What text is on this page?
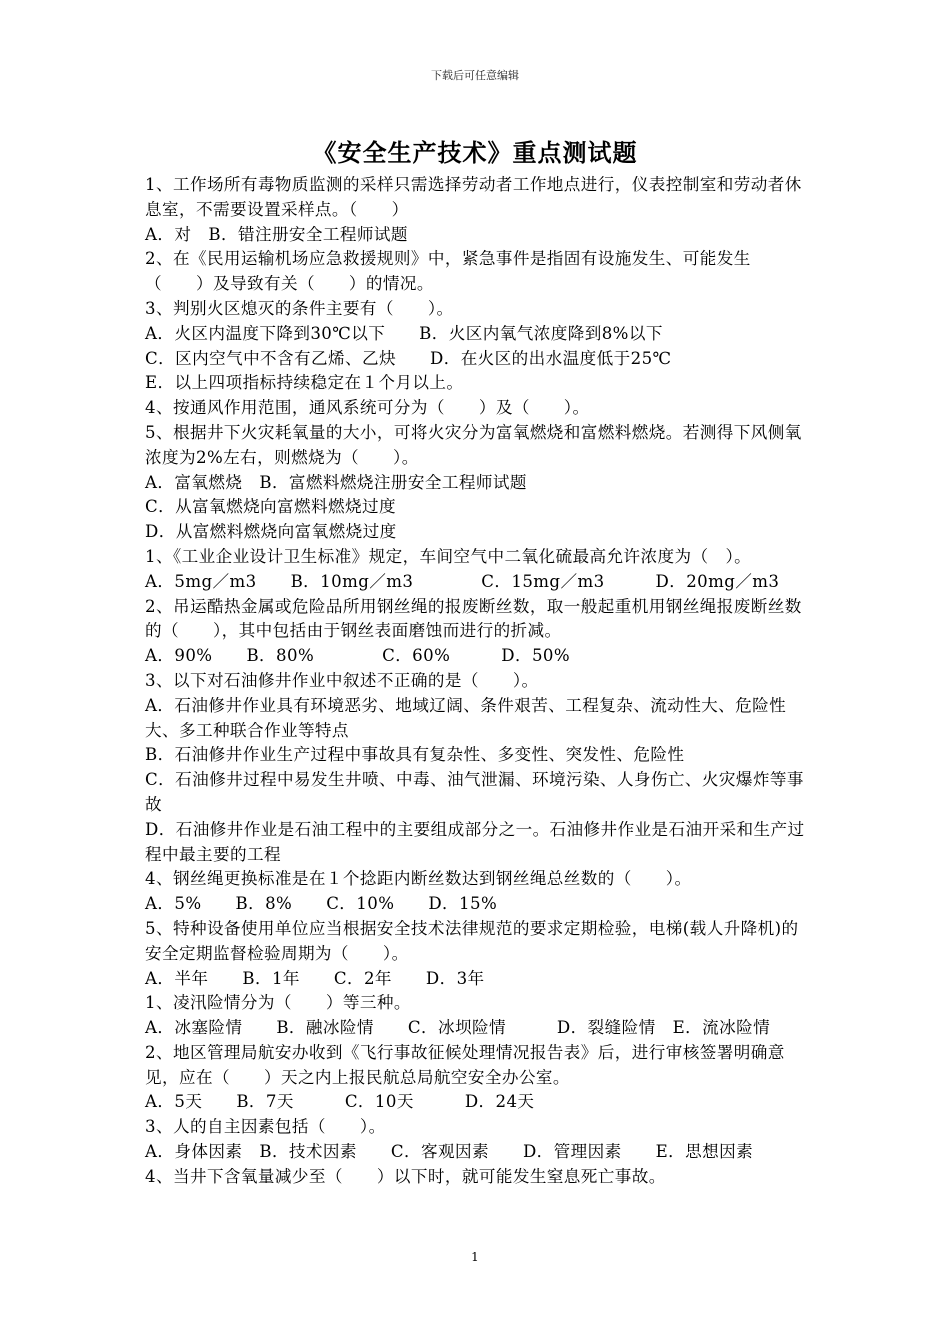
下载后可任意编辑
《安全生产技术》重点测试题

1、工作场所有毒物质监测的采样只需选择劳动者工作地点进行，仪表控制室和劳动者休息室，不需要设置采样点。（　　）

A．对　B．错注册安全工程师试题

2、在《民用运输机场应急救援规则》中，紧急事件是指固有设施发生、可能发生（　　）及导致有关（　　）的情况。

3、判别火区熄灭的条件主要有（　　）。

A．火区内温度下降到30℃以下　　B．火区内氧气浓度降到8%以下

C．区内空气中不含有乙烯、乙炔　　D．在火区的出水温度低于25℃

E．以上四项指标持续稳定在１个月以上。

4、按通风作用范围，通风系统可分为（　　）及（　　）。

5、根据井下火灾耗氧量的大小，可将火灾分为富氧燃烧和富燃料燃烧。若测得下风侧氧浓度为2%左右，则燃烧为（　　）。

A．富氧燃烧　B．富燃料燃烧注册安全工程师试题

C．从富氧燃烧向富燃料燃烧过度

D．从富燃料燃烧向富氧燃烧过度

1、《工业企业设计卫生标准》规定，车间空气中二氧化硫最高允许浓度为（　）。

A．5mg／m3　　B．10mg／m3　　　　C．15mg／m3　　　D．20mg／m3

2、吊运酷热金属或危险品所用钢丝绳的报废断丝数，取一般起重机用钢丝绳报废断丝数的（　　），其中包括由于钢丝表面磨蚀而进行的折减。

A．90%　　B．80%　　　　C．60%　　　D．50%

3、以下对石油修井作业中叙述不正确的是（　　）。

A．石油修井作业具有环境恶劣、地域辽阔、条件艰苦、工程复杂、流动性大、危险性大、多工种联合作业等特点

B．石油修井作业生产过程中事故具有复杂性、多变性、突发性、危险性

C．石油修井过程中易发生井喷、中毒、油气泄漏、环境污染、人身伤亡、火灾爆炸等事故

D．石油修井作业是石油工程中的主要组成部分之一。石油修井作业是石油开采和生产过程中最主要的工程

4、钢丝绳更换标准是在１个捻距内断丝数达到钢丝绳总丝数的（　　）。

A．5%　　B．8%　　C．10%　　D．15%

5、特种设备使用单位应当根据安全技术法律规范的要求定期检验，电梯(载人升降机)的安全定期监督检验周期为（　　）。

A．半年　　B．1年　　C．2年　　D．3年

1、凌汛险情分为（　　）等三种。

A．冰塞险情　　B．融冰险情　　C．冰坝险情　　　D．裂缝险情　E．流冰险情

2、地区管理局航安办收到《飞行事故征候处理情况报告表》后，进行审核签署明确意见，应在（　　）天之内上报民航总局航空安全办公室。

A．5天　　B．7天　　　C．10天　　　D．24天

3、人的自主因素包括（　　）。

A．身体因素　B．技术因素　　C．客观因素　　D．管理因素　　E．思想因素

4、当井下含氧量减少至（　　）以下时，就可能发生窒息死亡事故。

1
